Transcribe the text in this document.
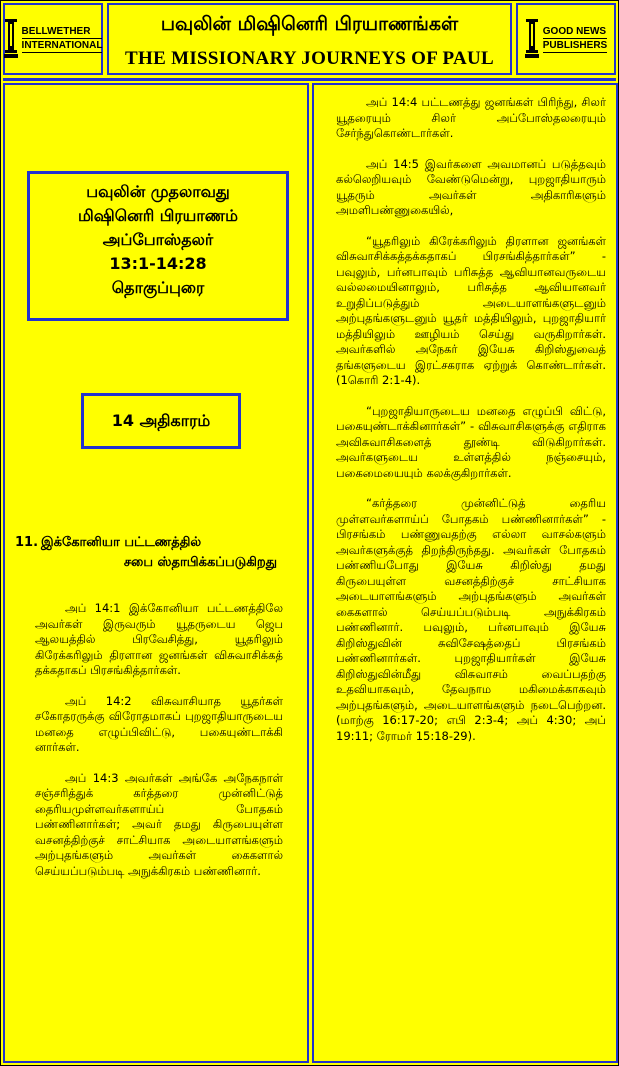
BELLWETHER
INTERNATIONAL
பவுலின் மிஷினெரி பிரயாணங்கள்
THE MISSIONARY JOURNEYS OF PAUL
GOOD NEWS
PUBLISHERS
பவுலின் முதலாவது
மிஷினெரி பிரயாணம்
அப்போஸ்தலர்
13:1-14:28
தொகுப்புரை
14 அதிகாரம்
11. இக்கோனியா பட்டணத்தில்
சபை ஸ்தாபிக்கப்படுகிறது

அப் 14:1 இக்கோனியா பட்டணத்திலே அவர்கள் இருவரும் யூதருடைய ஜெப ஆலயத்தில் பிரவேசித்து, யூதரிலும் கிரேக்கரிலும் திரளான ஜனங்கள் விசுவாசிக்கத் தக்கதாகப் பிரசங்கித்தார்கள்.

அப் 14:2 விசுவாசியாத யூதர்கள் சகோதரருக்கு விரோதமாகப் புறஜாதியாருடைய மனதை எழுப்பிவிட்டு, பகையுண்டாக்கி னார்கள்.

அப் 14:3 அவர்கள் அங்கே அநேகநாள் சஞ்சரித்துக் கர்த்தரை முன்னிட்டுத் தைரியமுள்ளவர்களாய்ப் போதகம் பண்ணினார்கள்; அவர் தமது கிருபையுள்ள வசனத்திற்குச் சாட்சியாக அடையாளங்களும் அற்புதங்களும் அவர்கள் கைகளால் செய்யப்படும்படி அநுக்கிரகம் பண்ணினார்.

அப் 14:4 பட்டணத்து ஜனங்கள் பிரிந்து, சிலர் யூதரையும் சிலர் அப்போஸ்தலரையும் சேர்ந்துகொண்டார்கள்.

அப் 14:5 இவர்களை அவமானப் படுத்தவும் கல்லெறியவும் வேண்டுமென்று, புறஜாதியாரும் யூதரும் அவர்கள் அதிகாரிகளும் அமளிபண்ணுகையில்,

“யூதரிலும் கிரேக்கரிலும் திரளான ஜனங்கள் விசுவாசிக்கத்தக்கதாகப் பிரசங்கித்தார்கள்” - பவுலும், பர்னபாவும் பரிசுத்த ஆவியானவருடைய வல்லமையினாலும், பரிசுத்த ஆவியானவர் உறுதிப்படுத்தும் அடையாளங்களுடனும் அற்புதங்களுடனும் யூதர் மத்தியிலும், புறஜாதியார் மத்தியிலும் ஊழியம் செய்து வருகிறார்கள். அவர்களில் அநேகர் இயேசு கிறிஸ்துவைத் தங்களுடைய இரட்சகராக ஏற்றுக் கொண்டார்கள். (1கொரி 2:1-4).

“புறஜாதியாருடைய மனதை எழுப்பி விட்டு, பகையுண்டாக்கினார்கள்” - விசுவாசிகளுக்கு எதிராக அவிசுவாசிகளைத் தூண்டி விடுகிறார்கள். அவர்களுடைய உள்ளத்தில் நஞ்சையும், பகைமையையும் கலக்குகிறார்கள்.

“கர்த்தரை முன்னிட்டுத் தைரிய முள்ளவர்களாய்ப் போதகம் பண்ணினார்கள்” - பிரசங்கம் பண்ணுவதற்கு எல்லா வாசல்களும் அவர்களுக்குத் திறந்திருந்தது. அவர்கள் போதகம் பண்ணியபோது இயேசு கிறிஸ்து தமது கிருபையுள்ள வசனத்திற்குச் சாட்சியாக அடையாளங்களும் அற்புதங்களும் அவர்கள் கைகளால் செய்யப்படும்படி அநுக்கிரகம் பண்ணினார். பவுலும், பர்னபாவும் இயேசு கிறிஸ்துவின் சுவிசேஷத்தைப் பிரசங்கம் பண்ணினார்கள். புறஜாதியார்கள் இயேசு கிறிஸ்துவின்மீது விசுவாசம் வைப்பதற்கு உதவியாகவும், தேவநாம மகிமைக்காகவும் அற்புதங்களும், அடையாளங்களும் நடைபெற்றன. (மாற்கு 16:17-20; எபி 2:3-4; அப் 4:30; அப் 19:11; ரோமர் 15:18-29).
